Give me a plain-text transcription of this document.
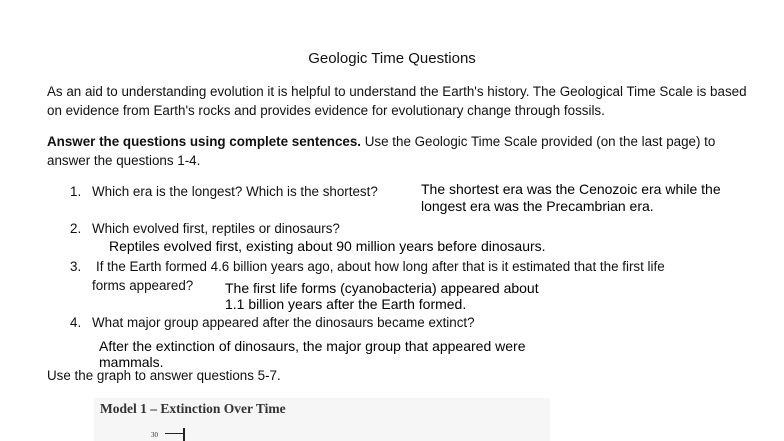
Geologic Time Questions
As an aid to understanding evolution it is helpful to understand the Earth's history. The Geological Time Scale is based on evidence from Earth's rocks and provides evidence for evolutionary change through fossils.
Answer the questions using complete sentences. Use the Geologic Time Scale provided (on the last page) to answer the questions 1-4.
1. Which era is the longest? Which is the shortest?	The shortest era was the Cenozoic era while the
longest era was the Precambrian era.
2. Which evolved first, reptiles or dinosaurs?
Reptiles evolved first, existing about 90 million years before dinosaurs.
3. If the Earth formed 4.6 billion years ago, about how long after that is it estimated that the first life
forms appeared? The first life forms (cyanobacteria) appeared about
1.1 billion years after the Earth formed.
4. What major group appeared after the dinosaurs became extinct?
After the extinction of dinosaurs, the major group that appeared were
mammals.
Use the graph to answer questions 5-7.
Model 1 – Extinction Over Time
30
